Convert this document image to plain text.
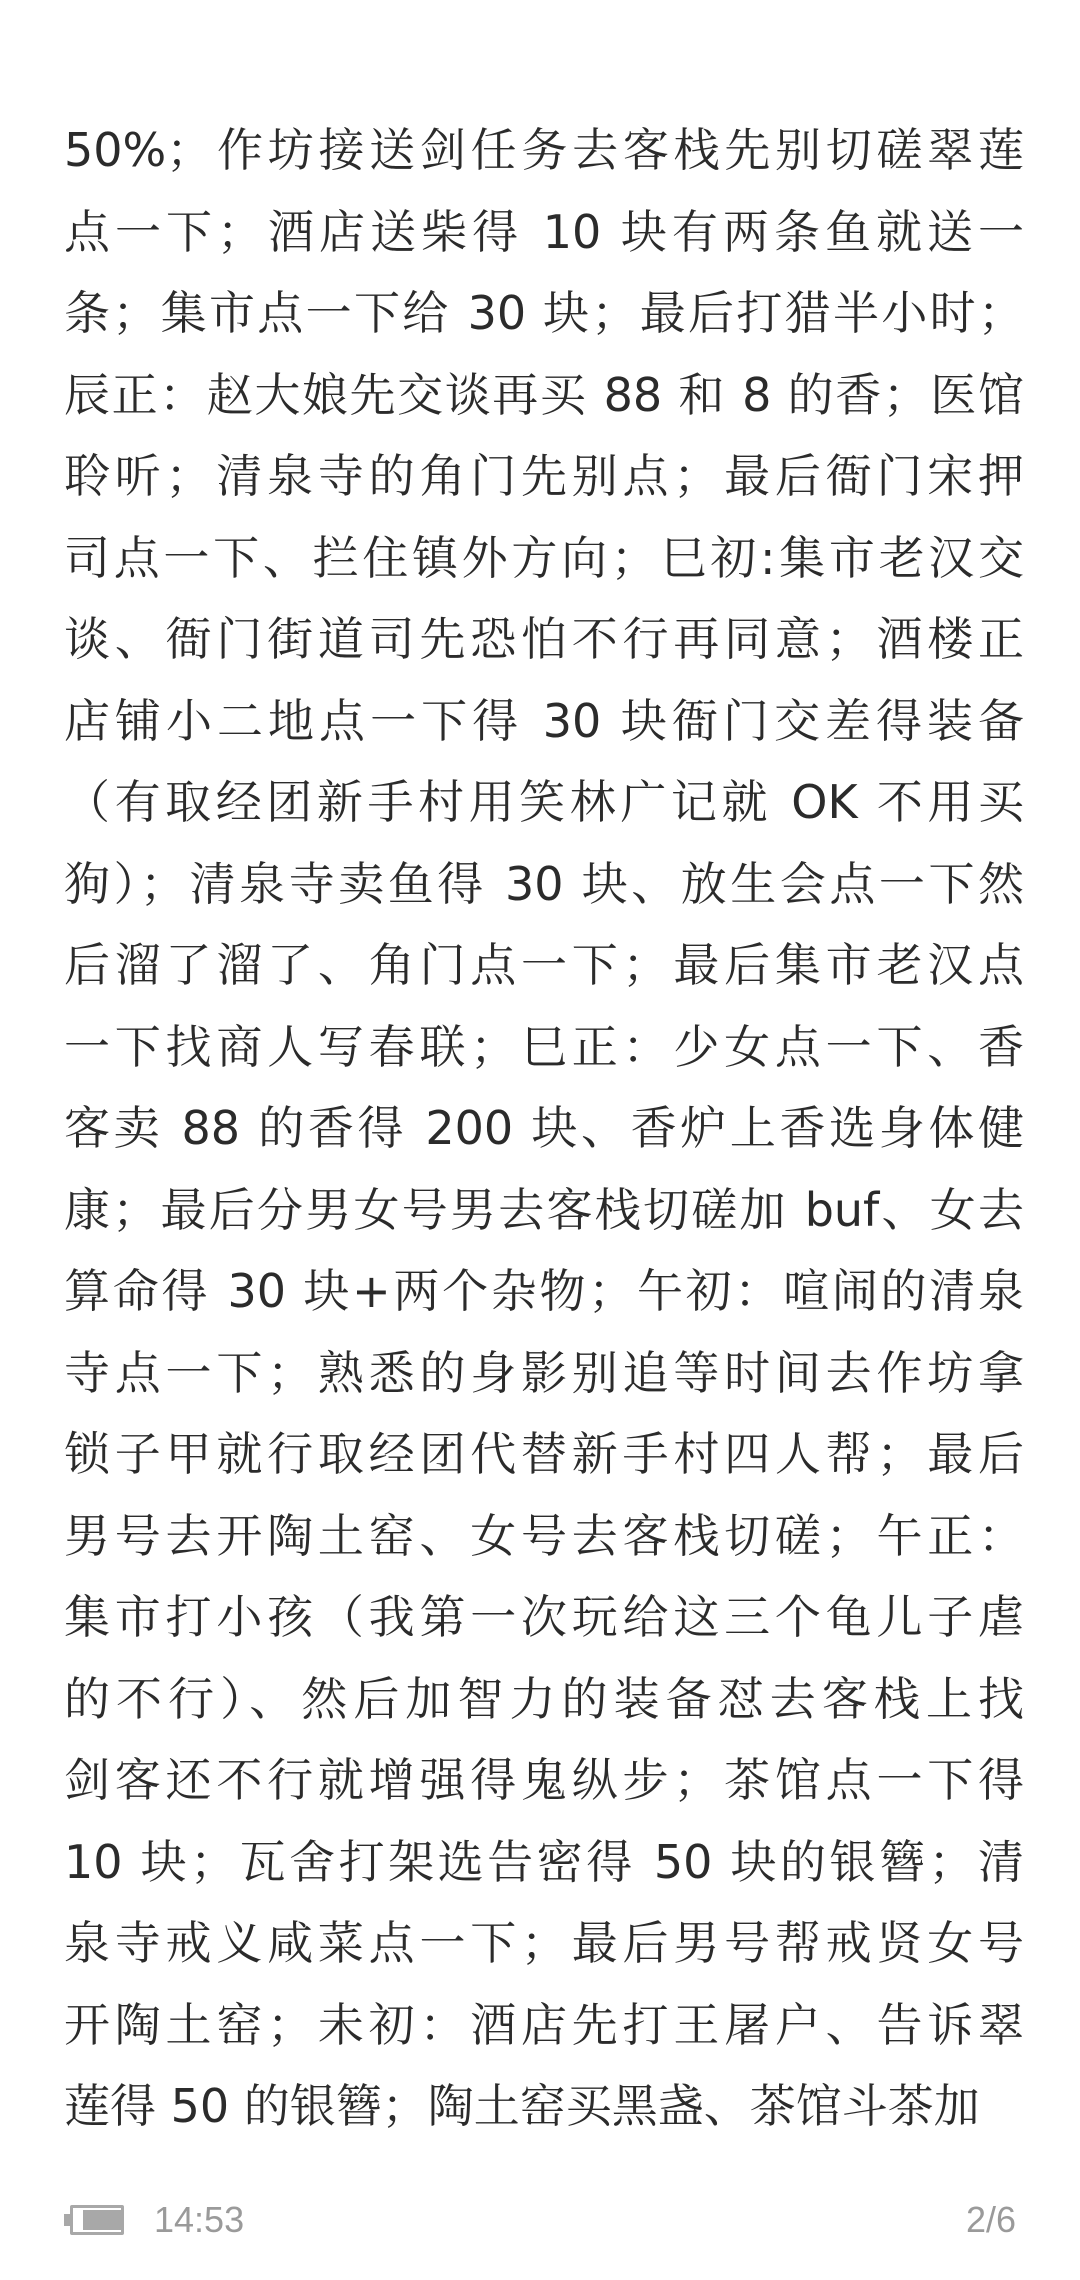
50%；作坊接送剑任务去客栈先别切磋翠莲
点一下；酒店送柴得 10 块有两条鱼就送一
条；集市点一下给 30 块；最后打猎半小时；
辰正：赵大娘先交谈再买 88 和 8 的香；医馆
聆听；清泉寺的角门先别点；最后衙门宋押
司点一下、拦住镇外方向；巳初:集市老汉交
谈、衙门街道司先恐怕不行再同意；酒楼正
店铺小二地点一下得 30 块衙门交差得装备
（有取经团新手村用笑林广记就 OK 不用买
狗）；清泉寺卖鱼得 30 块、放生会点一下然
后溜了溜了、角门点一下；最后集市老汉点
一下找商人写春联；巳正：少女点一下、香
客卖 88 的香得 200 块、香炉上香选身体健
康；最后分男女号男去客栈切磋加 buf、女去
算命得 30 块+两个杂物；午初：喧闹的清泉
寺点一下；熟悉的身影别追等时间去作坊拿
锁子甲就行取经团代替新手村四人帮；最后
男号去开陶土窑、女号去客栈切磋；午正：
集市打小孩（我第一次玩给这三个龟儿子虐
的不行）、然后加智力的装备怼去客栈上找
剑客还不行就增强得鬼纵步；茶馆点一下得
10 块；瓦舍打架选告密得 50 块的银簪；清
泉寺戒义咸菜点一下；最后男号帮戒贤女号
开陶土窑；未初：酒店先打王屠户、告诉翠
莲得 50 的银簪；陶土窑买黑盏、茶馆斗茶加
14:53	2/6
